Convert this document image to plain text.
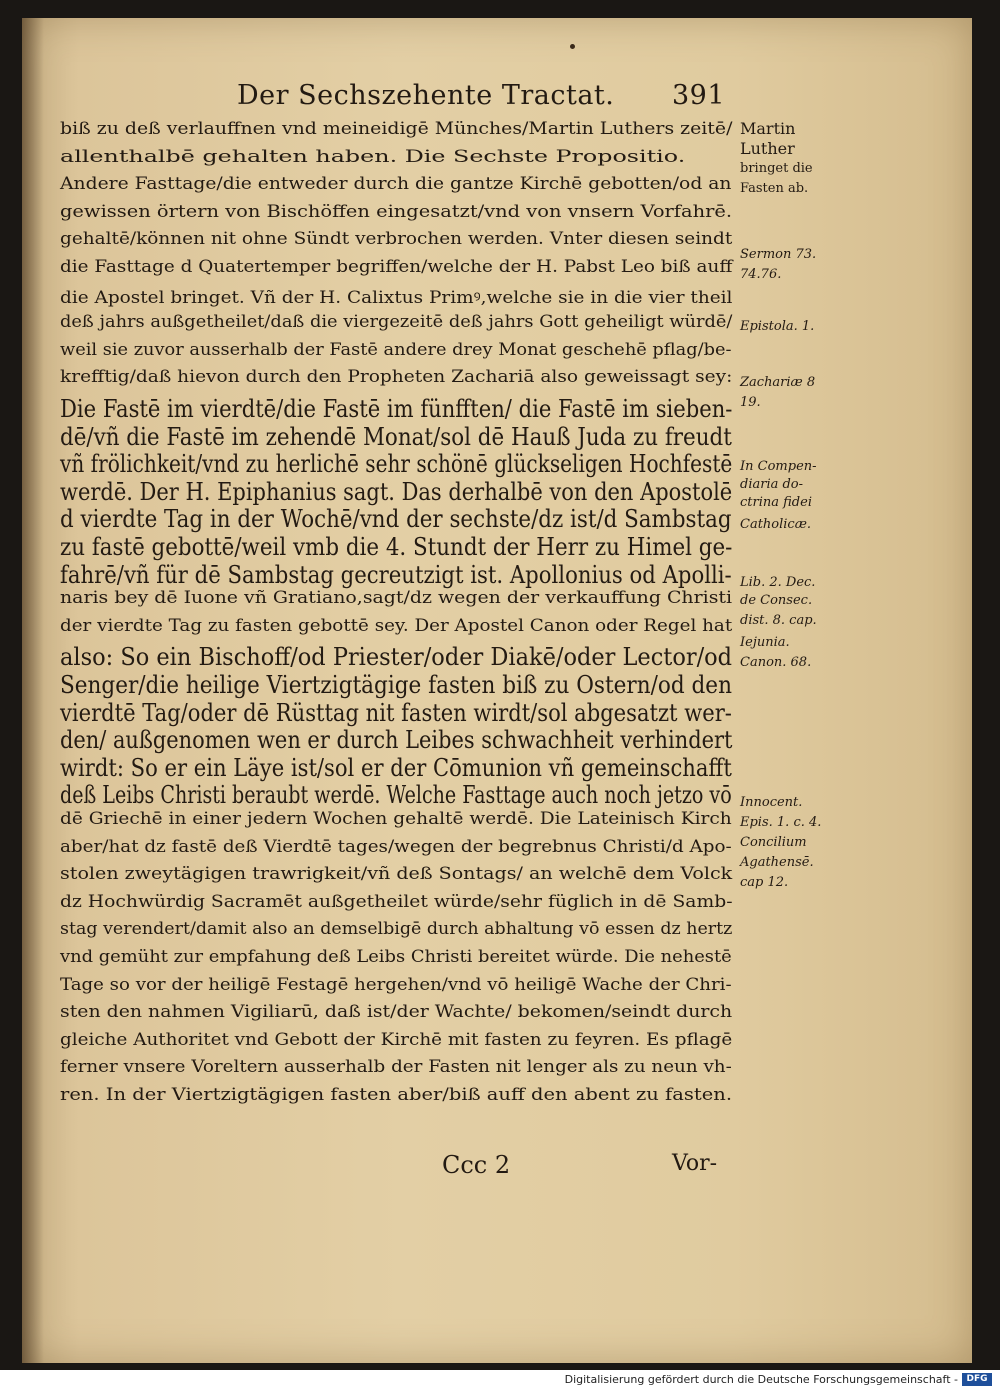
Der Sechszehente Tractat. 391
biß zu deß verlauffnen vnd meineidigē Münches/Martin Luthers zeitē/
allenthalbē gehalten haben. Die Sechste Propositio.
Andere Fasttage/die entweder durch die gantze Kirchē gebotten/od an
gewissen örtern von Bischöffen eingesatzt/vnd von vnsern Vorfahrē.
gehaltē/können nit ohne Sündt verbrochen werden. Vnter diesen seindt
die Fasttage d Quatertemper begriffen/welche der H. Pabst Leo biß auff
die Apostel bringet. Vñ der H. Calixtus Primꝰ,welche sie in die vier theil
deß jahrs außgetheilet/daß die viergezeitē deß jahrs Gott geheiligt würdē/
weil sie zuvor ausserhalb der Fastē andere drey Monat geschehē pflag/be-
krefftig/daß hievon durch den Propheten Zachariā also geweissagt sey:
Die Fastē im vierdtē/die Fastē im fünfften/ die Fastē im sieben-
dē/vñ die Fastē im zehendē Monat/sol dē Hauß Juda zu freudt
vñ frölichkeit/vnd zu herlichē sehr schönē glückseligen Hochfestē
werdē. Der H. Epiphanius sagt. Das derhalbē von den Apostolē
d vierdte Tag in der Wochē/vnd der sechste/dz ist/d Sambstag
zu fastē gebottē/weil vmb die 4. Stundt der Herr zu Himel ge-
fahrē/vñ für dē Sambstag gecreutzigt ist. Apollonius od Apolli-
naris bey dē Iuone vñ Gratiano,sagt/dz wegen der verkauffung Christi
der vierdte Tag zu fasten gebottē sey. Der Apostel Canon oder Regel hat
also: So ein Bischoff/od Priester/oder Diakē/oder Lector/od
Senger/die heilige Viertzigtägige fasten biß zu Ostern/od den
vierdtē Tag/oder dē Rüsttag nit fasten wirdt/sol abgesatzt wer-
den/ außgenomen wen er durch Leibes schwachheit verhindert
wirdt: So er ein Läye ist/sol er der Cōmunion vñ gemeinschafft
deß Leibs Christi beraubt werdē. Welche Fasttage auch noch jetzo vō
dē Griechē in einer jedern Wochen gehaltē werdē. Die Lateinisch Kirch
aber/hat dz fastē deß Vierdtē tages/wegen der begrebnus Christi/d Apo-
stolen zweytägigen trawrigkeit/vñ deß Sontags/ an welchē dem Volck
dz Hochwürdig Sacramēt außgetheilet würde/sehr füglich in dē Samb-
stag verendert/damit also an demselbigē durch abhaltung vō essen dz hertz
vnd gemüht zur empfahung deß Leibs Christi bereitet würde. Die nehestē
Tage so vor der heiligē Festagē hergehen/vnd vō heiligē Wache der Chri-
sten den nahmen Vigiliarū, daß ist/der Wachte/ bekomen/seindt durch
gleiche Authoritet vnd Gebott der Kirchē mit fasten zu feyren. Es pflagē
ferner vnsere Voreltern ausserhalb der Fasten nit lenger als zu neun vh-
ren. In der Viertzigtägigen fasten aber/biß auff den abent zu fasten.
Martin
Luther
bringet die
Fasten ab.
Sermon 73.
74.76.
Epistola. 1.
Zachariæ 8
19.
In Compen-
diaria do-
ctrina fidei
Catholicæ.
Lib. 2. Dec.
de Consec.
dist. 8. cap.
Iejunia.
Canon. 68.
Innocent.
Epis. 1. c. 4.
Concilium
Agathensē.
cap 12.
Ccc 2	Vor-
Digitalisierung gefördert durch die Deutsche Forschungsgemeinschaft - DFG
